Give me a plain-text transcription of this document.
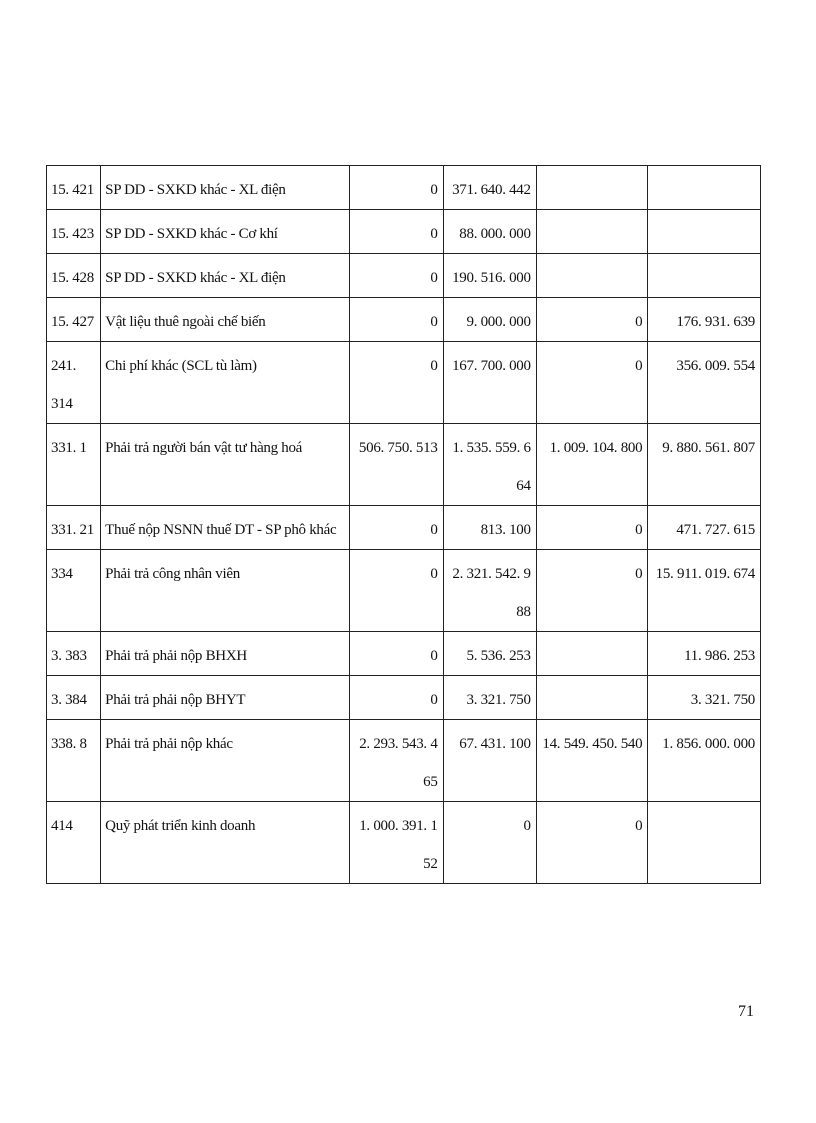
15. 421	SP DD - SXKD khác - XL điện	0	371. 640. 442		

15. 423	SP DD - SXKD khác - Cơ khí	0	88. 000. 000		

15. 428	SP DD - SXKD khác - XL điện	0	190. 516. 000		

15. 427	Vật liệu thuê ngoài chế biến	0	9. 000. 000	0	176. 931. 639

241. 314	Chi phí khác (SCL tù làm)	0	167. 700. 000	0	356. 009. 554

331. 1	Phải trả người bán vật tư hàng hoá	506. 750. 513	1. 535. 559. 664	1. 009. 104. 800	9. 880. 561. 807

331. 21	Thuế nộp NSNN thuế DT - SP phô khác	0	813. 100	0	471. 727. 615

334	Phải trả công nhân viên	0	2. 321. 542. 988	0	15. 911. 019. 674

3. 383	Phải trả phải nộp BHXH	0	5. 536. 253		11. 986. 253

3. 384	Phải trả phải nộp BHYT	0	3. 321. 750		3. 321. 750

338. 8	Phải trả phải nộp khác	2. 293. 543. 465	67. 431. 100	14. 549. 450. 540	1. 856. 000. 000

414	Quỹ phát triển kinh doanh	1. 000. 391. 152	0	0	

71
